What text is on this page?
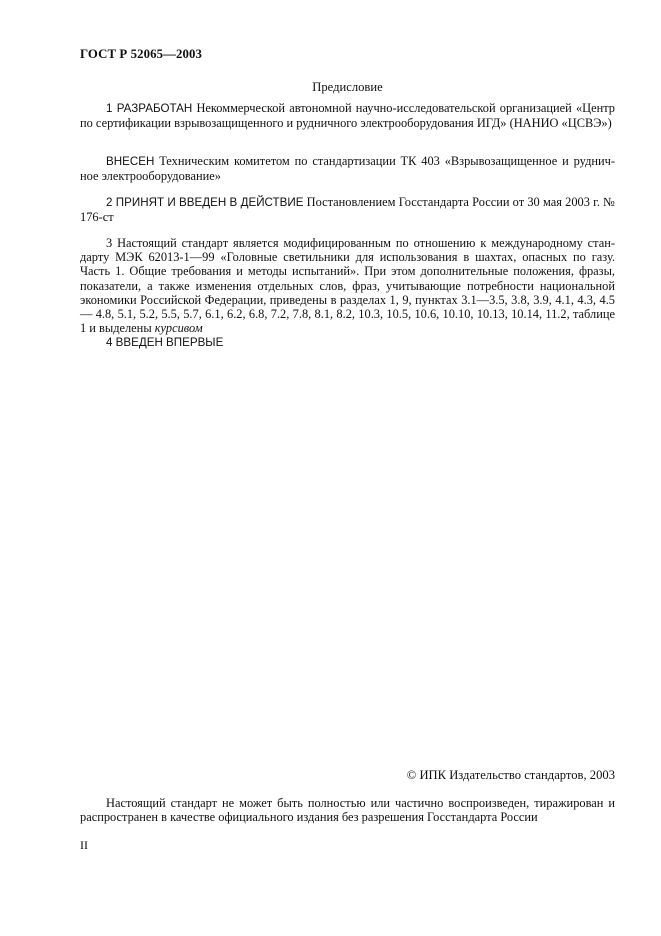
ГОСТ Р 52065—2003
Предисловие

1 РАЗРАБОТАН Некоммерческой автономной научно-исследовательской организацией «Центр по сертификации взрывозащищенного и рудничного электрооборудования ИГД» (НАНИО «ЦСВЭ»)

ВНЕСЕН Техническим комитетом по стандартизации ТК 403 «Взрывозащищенное и руднич-ное электрооборудование»

2 ПРИНЯТ И ВВЕДЕН В ДЕЙСТВИЕ Постановлением Госстандарта России от 30 мая 2003 г. № 176-ст

3 Настоящий стандарт является модифицированным по отношению к международному стан-дарту МЭК 62013-1—99 «Головные светильники для использования в шахтах, опасных по газу. Часть 1. Общие требования и методы испытаний». При этом дополнительные положения, фразы, показатели, а также изменения отдельных слов, фраз, учитывающие потребности национальной экономики Российской Федерации, приведены в разделах 1, 9, пунктах 3.1—3.5, 3.8, 3.9, 4.1, 4.3, 4.5 — 4.8, 5.1, 5.2, 5.5, 5.7, 6.1, 6.2, 6.8, 7.2, 7.8, 8.1, 8.2, 10.3, 10.5, 10.6, 10.10, 10.13, 10.14, 11.2, таблице 1 и выделены курсивом

4 ВВЕДЕН ВПЕРВЫЕ

© ИПК Издательство стандартов, 2003

Настоящий стандарт не может быть полностью или частично воспроизведен, тиражирован и распространен в качестве официального издания без разрешения Госстандарта России

II
